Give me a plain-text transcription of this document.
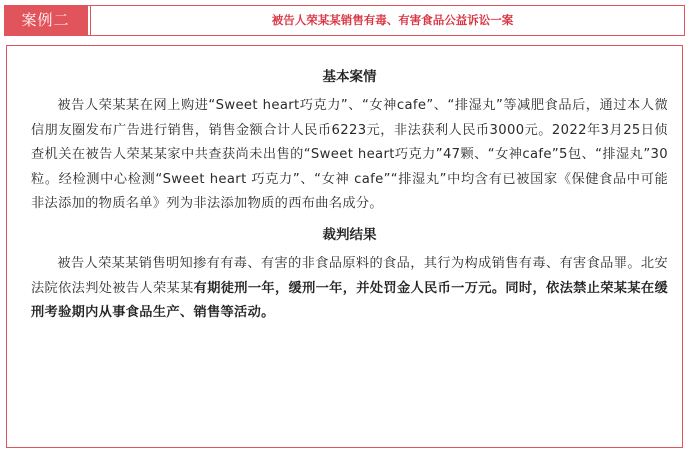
案例二	被告人荣某某销售有毒、有害食品公益诉讼一案
基本案情

被告人荣某某在网上购进“Sweet heart巧克力”、“女神cafe”、“排湿丸”等减肥食品后，通过本人微信朋友圈发布广告进行销售，销售金额合计人民币6223元，非法获利人民币3000元。2022年3月25日侦查机关在被告人荣某某家中共查获尚未出售的“Sweet heart巧克力”47颗、“女神cafe”5包、“排湿丸”30粒。经检测中心检测“Sweet heart 巧克力”、“女神 cafe”“排湿丸”中均含有已被国家《保健食品中可能非法添加的物质名单》列为非法添加物质的西布曲名成分。

裁判结果

被告人荣某某销售明知掺有有毒、有害的非食品原料的食品，其行为构成销售有毒、有害食品罪。北安法院依法判处被告人荣某某有期徒刑一年，缓刑一年，并处罚金人民币一万元。同时，依法禁止荣某某在缓刑考验期内从事食品生产、销售等活动。
